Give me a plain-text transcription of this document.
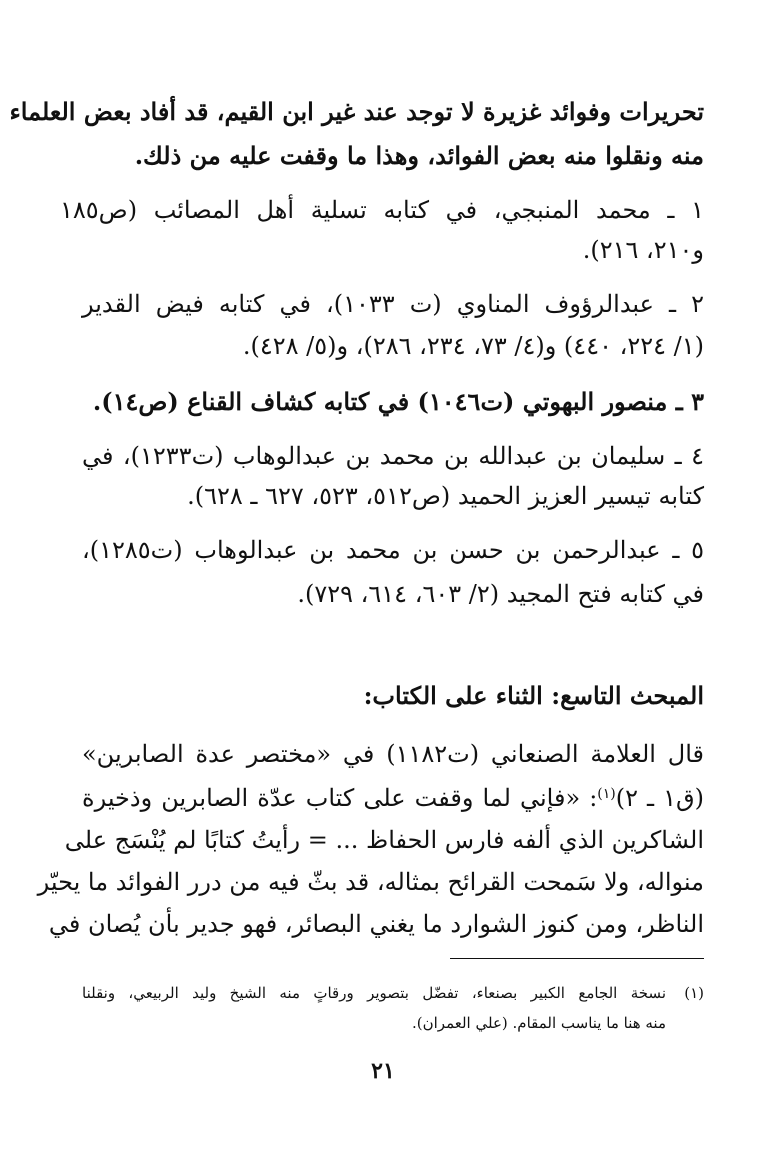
تحريرات وفوائد غزيرة لا توجد عند غير ابن القيم، قد أفاد بعض العلماء
منه ونقلوا منه بعض الفوائد، وهذا ما وقفت عليه من ذلك.
١ ـ محمد المنبجي، في كتابه تسلية أهل المصائب (ص١٨٥
و٢١٠، ٢١٦).
٢ ـ عبدالرؤوف المناوي (ت ١٠٣٣)، في كتابه فيض القدير
(١/ ٢٢٤، ٤٤٠) و(٤/ ٧٣، ٢٣٤، ٢٨٦)، و(٥/ ٤٢٨).
٣ ـ منصور البهوتي (ت١٠٤٦) في كتابه كشاف القناع (ص١٤).
٤ ـ سليمان بن عبدالله بن محمد بن عبدالوهاب (ت١٢٣٣)، في
كتابه تيسير العزيز الحميد (ص٥١٢، ٥٢٣، ٦٢٧ ـ ٦٢٨).
٥ ـ عبدالرحمن بن حسن بن محمد بن عبدالوهاب (ت١٢٨٥)،
في كتابه فتح المجيد (٢/ ٦٠٣، ٦١٤، ٧٢٩).
المبحث التاسع: الثناء على الكتاب:
قال العلامة الصنعاني (ت١١٨٢) في «مختصر عدة الصابرين»
(ق١ ـ ٢)$^{(١)}$: «فإني لما وقفت على كتاب عدّة الصابرين وذخيرة
الشاكرين الذي ألفه فارس الحفاظ ... = رأيتُ كتابًا لم يُنْسَج على
منواله، ولا سَمحت القرائح بمثاله، قد بثّ فيه من درر الفوائد ما يحيّر
الناظر، ومن كنوز الشوارد ما يغني البصائر، فهو جدير بأن يُصان في
(١)نسخة الجامع الكبير بصنعاء، تفضّل بتصوير ورقاتٍ منه الشيخ وليد الربيعي، ونقلنا
منه هنا ما يناسب المقام. (علي العمران).
٢١
